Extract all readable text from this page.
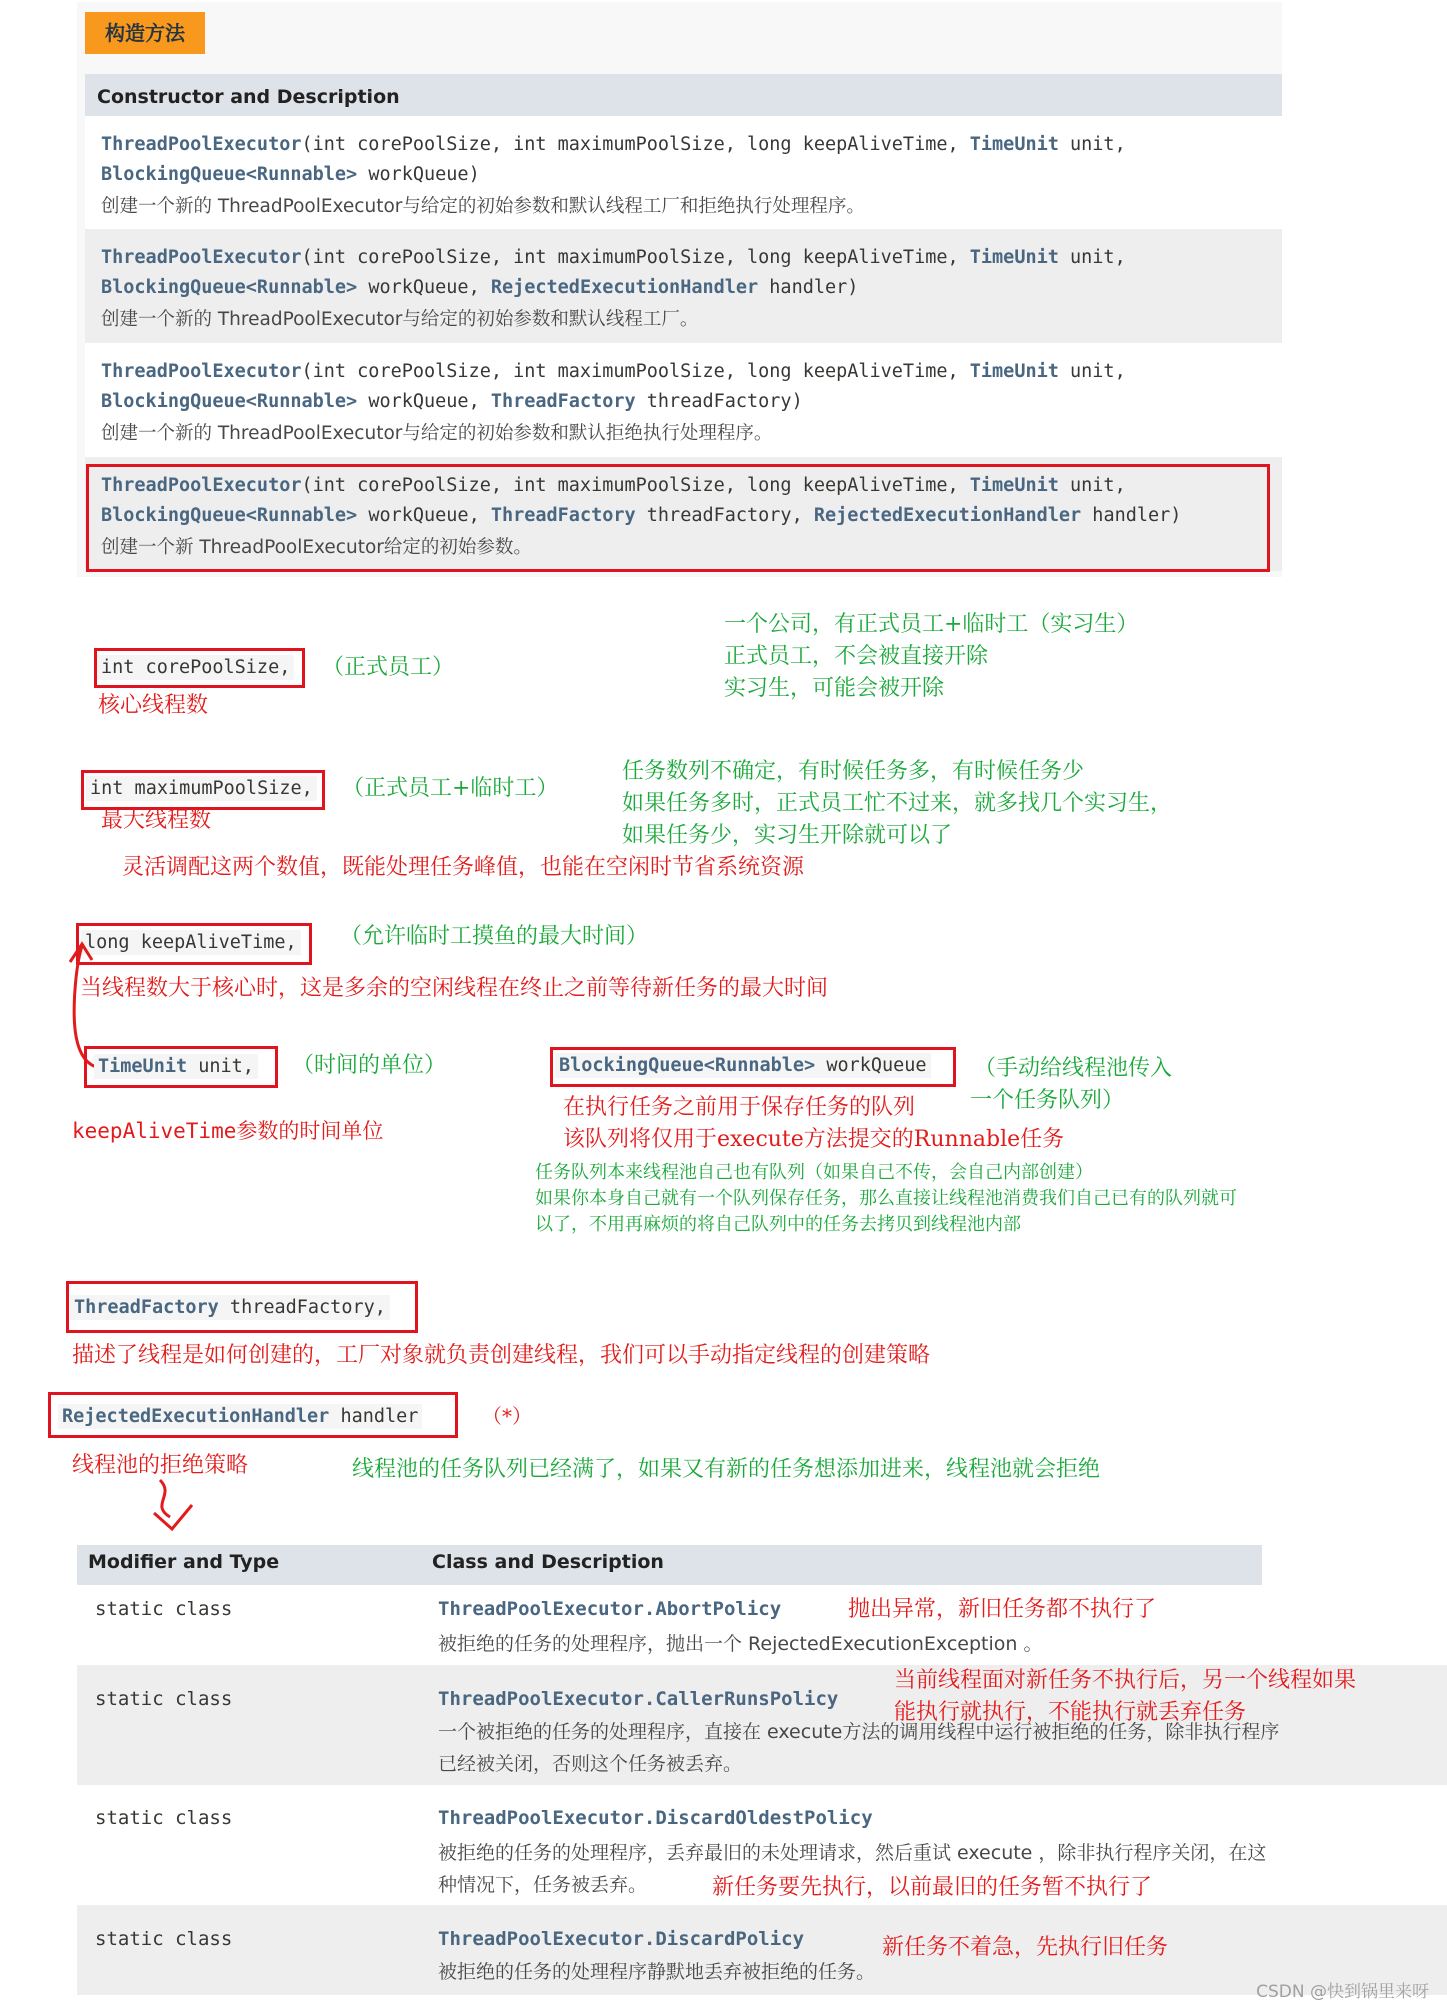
构造方法
Constructor and Description
ThreadPoolExecutor(int corePoolSize, int maximumPoolSize, long keepAliveTime, TimeUnit unit,
BlockingQueue<Runnable> workQueue)
创建一个新的 ThreadPoolExecutor与给定的初始参数和默认线程工厂和拒绝执行处理程序。
ThreadPoolExecutor(int corePoolSize, int maximumPoolSize, long keepAliveTime, TimeUnit unit,
BlockingQueue<Runnable> workQueue, RejectedExecutionHandler handler)
创建一个新的 ThreadPoolExecutor与给定的初始参数和默认线程工厂。
ThreadPoolExecutor(int corePoolSize, int maximumPoolSize, long keepAliveTime, TimeUnit unit,
BlockingQueue<Runnable> workQueue, ThreadFactory threadFactory)
创建一个新的 ThreadPoolExecutor与给定的初始参数和默认拒绝执行处理程序。
ThreadPoolExecutor(int corePoolSize, int maximumPoolSize, long keepAliveTime, TimeUnit unit,
BlockingQueue<Runnable> workQueue, ThreadFactory threadFactory, RejectedExecutionHandler handler)
创建一个新 ThreadPoolExecutor给定的初始参数。
int corePoolSize, （正式员工）
核心线程数
一个公司，有正式员工+临时工（实习生）
正式员工，不会被直接开除
实习生，可能会被开除
int maximumPoolSize, （正式员工+临时工）
最大线程数
任务数列不确定，有时候任务多，有时候任务少
如果任务多时，正式员工忙不过来，就多找几个实习生，
如果任务少，实习生开除就可以了
灵活调配这两个数值，既能处理任务峰值，也能在空闲时节省系统资源
long keepAliveTime, （允许临时工摸鱼的最大时间）
当线程数大于核心时，这是多余的空闲线程在终止之前等待新任务的最大时间
TimeUnit unit, （时间的单位）
keepAliveTime参数的时间单位
BlockingQueue<Runnable> workQueue （手动给线程池传入
一个任务队列）
在执行任务之前用于保存任务的队列
该队列将仅用于execute方法提交的Runnable任务
任务队列本来线程池自己也有队列（如果自己不传，会自己内部创建）
如果你本身自己就有一个队列保存任务，那么直接让线程池消费我们自己已有的队列就可
以了，不用再麻烦的将自己队列中的任务去拷贝到线程池内部
ThreadFactory threadFactory,
描述了线程是如何创建的，工厂对象就负责创建线程，我们可以手动指定线程的创建策略
RejectedExecutionHandler handler	（*）
线程池的拒绝策略	线程池的任务队列已经满了，如果又有新的任务想添加进来，线程池就会拒绝
Modifier and Type	Class and Description
static class	ThreadPoolExecutor.AbortPolicy
被拒绝的任务的处理程序，抛出一个 RejectedExecutionException 。
抛出异常，新旧任务都不执行了
static class	ThreadPoolExecutor.CallerRunsPolicy
一个被拒绝的任务的处理程序，直接在 execute方法的调用线程中运行被拒绝的任务，除非执行程序
已经被关闭，否则这个任务被丢弃。
当前线程面对新任务不执行后，另一个线程如果
能执行就执行，不能执行就丢弃任务
static class	ThreadPoolExecutor.DiscardOldestPolicy
被拒绝的任务的处理程序，丢弃最旧的未处理请求，然后重试 execute ，除非执行程序关闭，在这
种情况下，任务被丢弃。	新任务要先执行，以前最旧的任务暂不执行了
static class	ThreadPoolExecutor.DiscardPolicy
被拒绝的任务的处理程序静默地丢弃被拒绝的任务。
新任务不着急，先执行旧任务
CSDN @快到锅里来呀
